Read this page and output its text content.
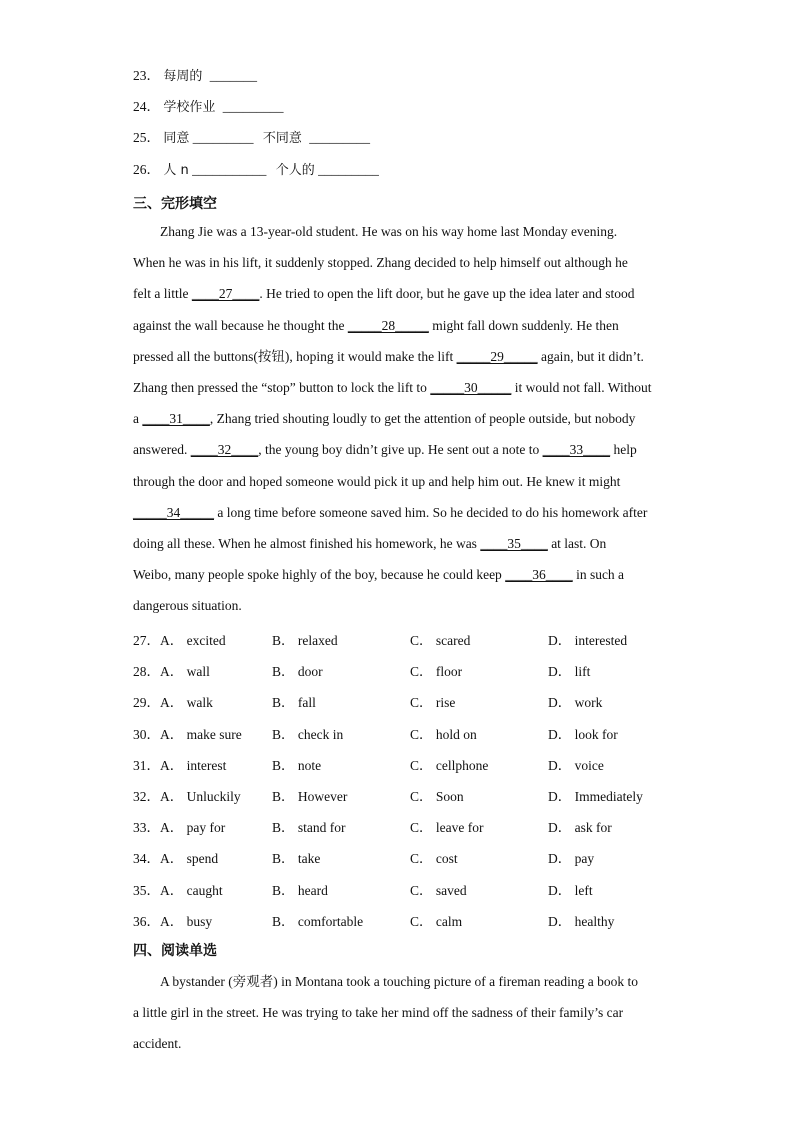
23． 每周的 _______
24． 学校作业 _________
25． 同意 _________ 不同意 _________
26． 人 n ___________ 个人的 _________
三、完形填空
　　Zhang Jie was a 13-year-old student. He was on his way home last Monday evening.
When he was in his lift, it suddenly stopped. Zhang decided to help himself out although he
felt a little ____27____. He tried to open the lift door, but he gave up the idea later and stood
against the wall because he thought the _____28_____ might fall down suddenly. He then
pressed all the buttons(按钮), hoping it would make the lift _____29_____ again, but it didn’t.
Zhang then pressed the “stop” button to lock the lift to _____30_____ it would not fall. Without
a ____31____, Zhang tried shouting loudly to get the attention of people outside, but nobody
answered. ____32____, the young boy didn’t give up. He sent out a note to ____33____ help
through the door and hoped someone would pick it up and help him out. He knew it might
_____34_____ a long time before someone saved him. So he decided to do his homework after
doing all these. When he almost finished his homework, he was ____35____ at last. On
Weibo, many people spoke highly of the boy, because he could keep ____36____ in such a
dangerous situation.
27．A． excited	B． relaxed	C． scared	D． interested
28．A． wall	B． door	C． floor	D． lift
29．A． walk	B． fall	C． rise	D． work
30．A． make sure B． check in	C． hold on	D． look for
31．A． interest	B． note	C． cellphone	D． voice
32．A． Unluckily B． However	C． Soon	D． Immediately
33．A． pay for	B． stand for	C． leave for	D． ask for
34．A． spend	B． take	C． cost	D． pay
35．A． caught	B． heard	C． saved	D． left
36．A． busy	B． comfortable	C． calm	D． healthy
四、阅读单选
　　A bystander (旁观者) in Montana took a touching picture of a fireman reading a book to
a little girl in the street. He was trying to take her mind off the sadness of their family’s car
accident.
